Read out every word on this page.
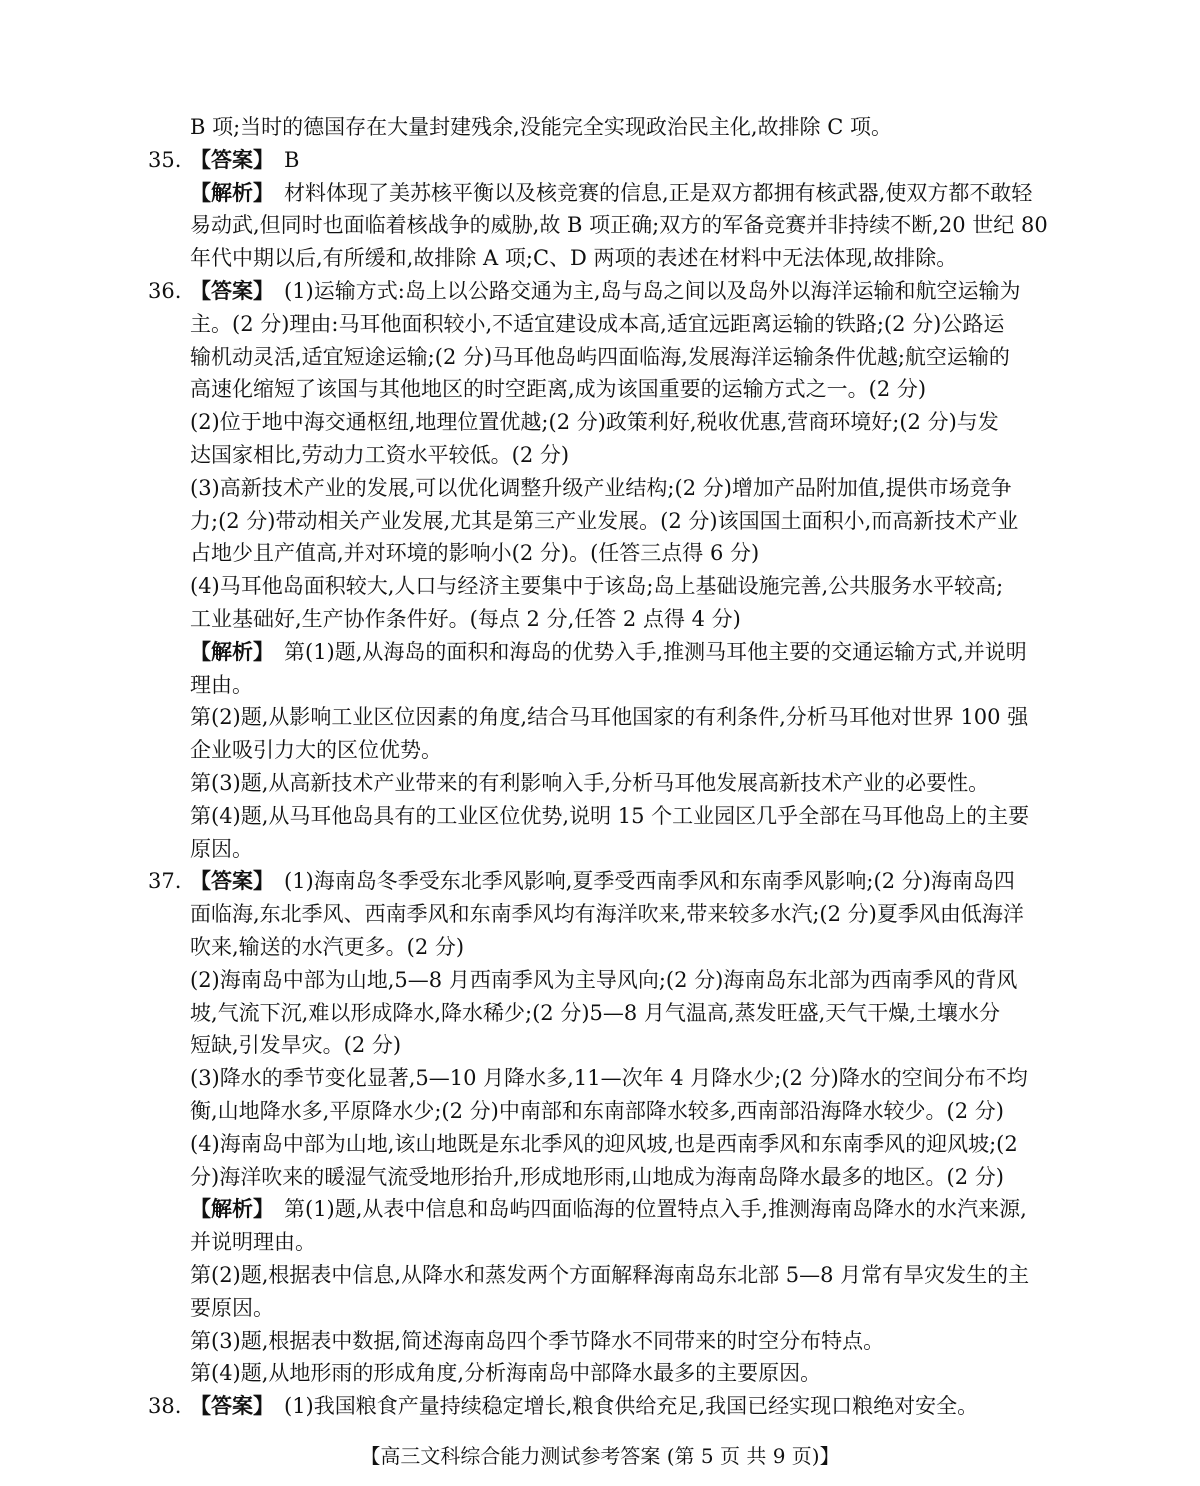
B 项;当时的德国存在大量封建残余,没能完全实现政治民主化,故排除 C 项。
35. 【答案】 B
【解析】 材料体现了美苏核平衡以及核竞赛的信息,正是双方都拥有核武器,使双方都不敢轻
易动武,但同时也面临着核战争的威胁,故 B 项正确;双方的军备竞赛并非持续不断,20 世纪 80
年代中期以后,有所缓和,故排除 A 项;C、D 两项的表述在材料中无法体现,故排除。
36. 【答案】 (1)运输方式:岛上以公路交通为主,岛与岛之间以及岛外以海洋运输和航空运输为
主。(2 分)理由:马耳他面积较小,不适宜建设成本高,适宜远距离运输的铁路;(2 分)公路运
输机动灵活,适宜短途运输;(2 分)马耳他岛屿四面临海,发展海洋运输条件优越;航空运输的
高速化缩短了该国与其他地区的时空距离,成为该国重要的运输方式之一。(2 分)
(2)位于地中海交通枢纽,地理位置优越;(2 分)政策利好,税收优惠,营商环境好;(2 分)与发
达国家相比,劳动力工资水平较低。(2 分)
(3)高新技术产业的发展,可以优化调整升级产业结构;(2 分)增加产品附加值,提供市场竞争
力;(2 分)带动相关产业发展,尤其是第三产业发展。(2 分)该国国土面积小,而高新技术产业
占地少且产值高,并对环境的影响小(2 分)。(任答三点得 6 分)
(4)马耳他岛面积较大,人口与经济主要集中于该岛;岛上基础设施完善,公共服务水平较高;
工业基础好,生产协作条件好。(每点 2 分,任答 2 点得 4 分)
【解析】 第(1)题,从海岛的面积和海岛的优势入手,推测马耳他主要的交通运输方式,并说明
理由。
第(2)题,从影响工业区位因素的角度,结合马耳他国家的有利条件,分析马耳他对世界 100 强
企业吸引力大的区位优势。
第(3)题,从高新技术产业带来的有利影响入手,分析马耳他发展高新技术产业的必要性。
第(4)题,从马耳他岛具有的工业区位优势,说明 15 个工业园区几乎全部在马耳他岛上的主要
原因。
37. 【答案】 (1)海南岛冬季受东北季风影响,夏季受西南季风和东南季风影响;(2 分)海南岛四
面临海,东北季风、西南季风和东南季风均有海洋吹来,带来较多水汽;(2 分)夏季风由低海洋
吹来,输送的水汽更多。(2 分)
(2)海南岛中部为山地,5—8 月西南季风为主导风向;(2 分)海南岛东北部为西南季风的背风
坡,气流下沉,难以形成降水,降水稀少;(2 分)5—8 月气温高,蒸发旺盛,天气干燥,土壤水分
短缺,引发旱灾。(2 分)
(3)降水的季节变化显著,5—10 月降水多,11—次年 4 月降水少;(2 分)降水的空间分布不均
衡,山地降水多,平原降水少;(2 分)中南部和东南部降水较多,西南部沿海降水较少。(2 分)
(4)海南岛中部为山地,该山地既是东北季风的迎风坡,也是西南季风和东南季风的迎风坡;(2
分)海洋吹来的暖湿气流受地形抬升,形成地形雨,山地成为海南岛降水最多的地区。(2 分)
【解析】 第(1)题,从表中信息和岛屿四面临海的位置特点入手,推测海南岛降水的水汽来源,
并说明理由。
第(2)题,根据表中信息,从降水和蒸发两个方面解释海南岛东北部 5—8 月常有旱灾发生的主
要原因。
第(3)题,根据表中数据,简述海南岛四个季节降水不同带来的时空分布特点。
第(4)题,从地形雨的形成角度,分析海南岛中部降水最多的主要原因。
38. 【答案】 (1)我国粮食产量持续稳定增长,粮食供给充足,我国已经实现口粮绝对安全。
【高三文科综合能力测试参考答案 (第 5 页 共 9 页)】
